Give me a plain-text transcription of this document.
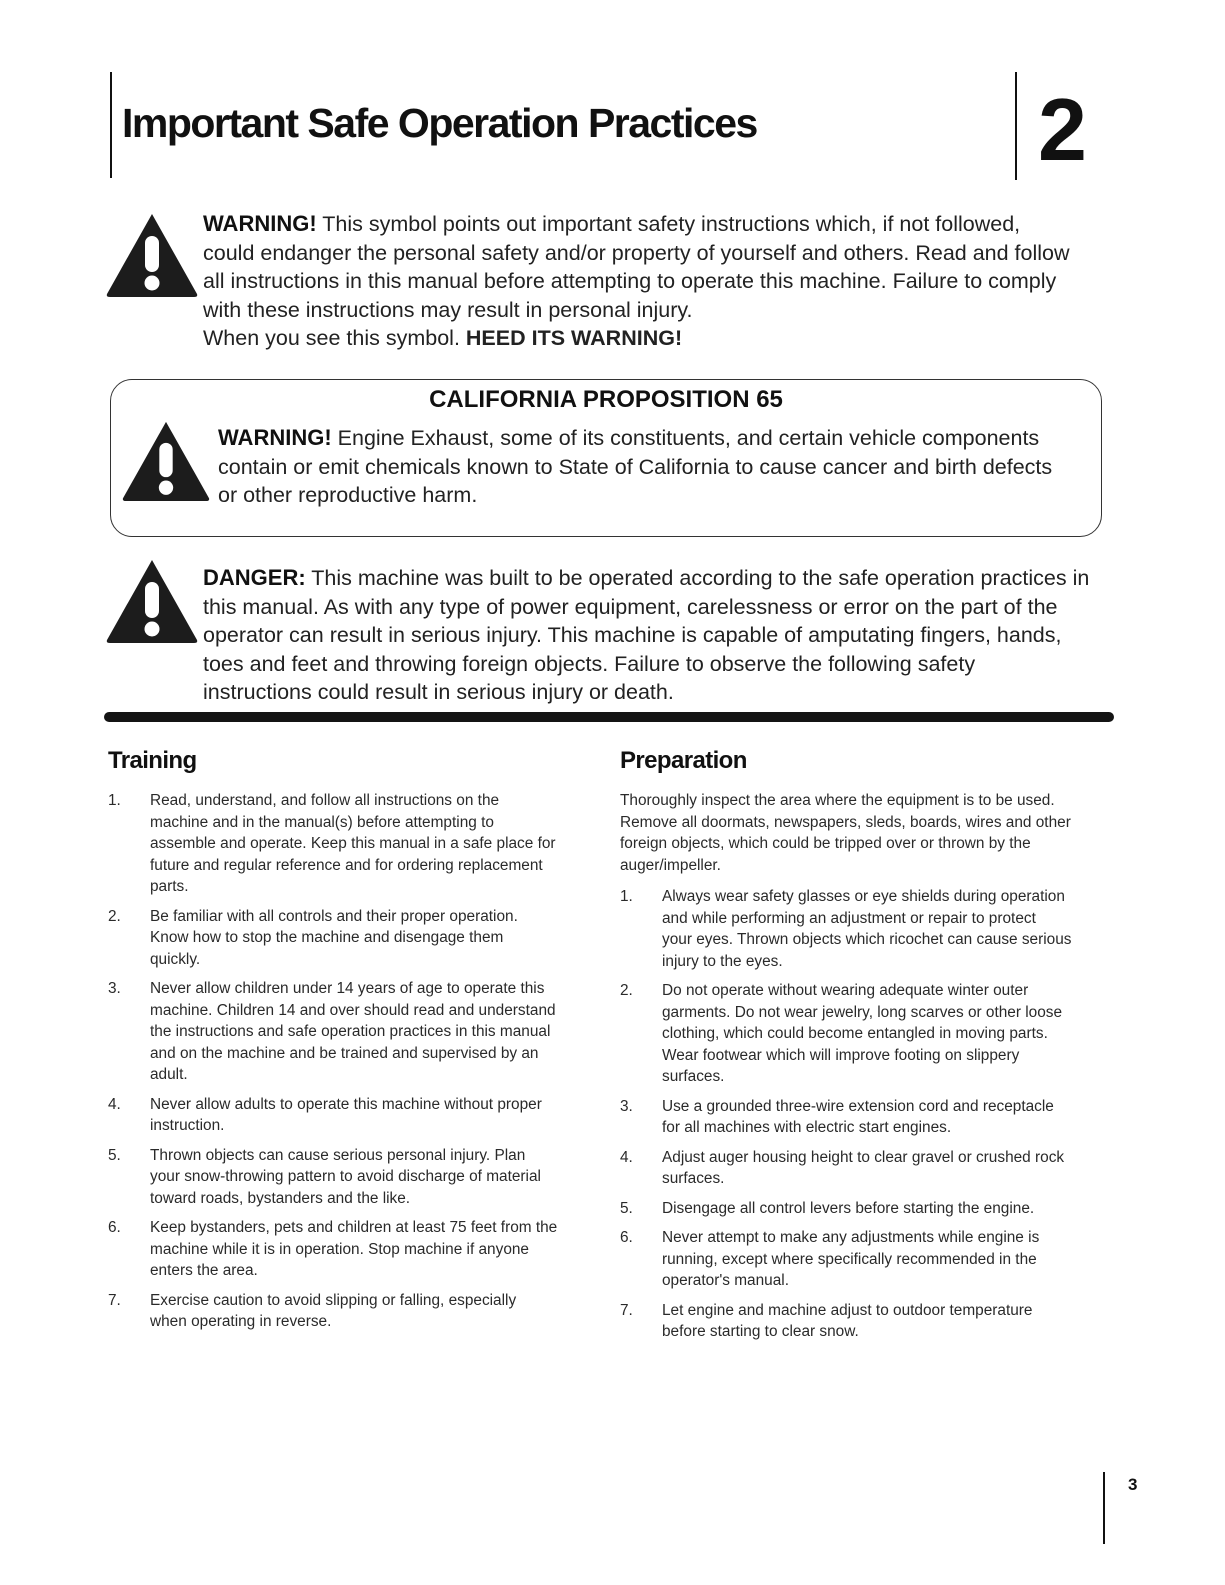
Important Safe Operation Practices	2

WARNING! This symbol points out important safety instructions which, if not followed,

could endanger the personal safety and/or property of yourself and others. Read and follow

all instructions in this manual before attempting to operate this machine. Failure to comply

with these instructions may result in personal injury.

When you see this symbol. HEED ITS WARNING!

CALIFORNIA PROPOSITION 65

WARNING! Engine Exhaust, some of its constituents, and certain vehicle components

contain or emit chemicals known to State of California to cause cancer and birth defects

or other reproductive harm.

DANGER: This machine was built to be operated according to the safe operation practices in

this manual. As with any type of power equipment, carelessness or error on the part of the

operator can result in serious injury. This machine is capable of amputating fingers, hands,

toes and feet and throwing foreign objects. Failure to observe the following safety

instructions could result in serious injury or death.

Training
1. Read, understand, and follow all instructions on the
machine and in the manual(s) before attempting to
assemble and operate. Keep this manual in a safe place for
future and regular reference and for ordering replacement
parts.
2. Be familiar with all controls and their proper operation.
Know how to stop the machine and disengage them
quickly.
3. Never allow children under 14 years of age to operate this
machine. Children 14 and over should read and understand
the instructions and safe operation practices in this manual
and on the machine and be trained and supervised by an
adult.
4. Never allow adults to operate this machine without proper
instruction.
5. Thrown objects can cause serious personal injury. Plan
your snow-throwing pattern to avoid discharge of material
toward roads, bystanders and the like.
6. Keep bystanders, pets and children at least 75 feet from the
machine while it is in operation. Stop machine if anyone
enters the area.
7. Exercise caution to avoid slipping or falling, especially
when operating in reverse.
Preparation

Thoroughly inspect the area where the equipment is to be used.
Remove all doormats, newspapers, sleds, boards, wires and other
foreign objects, which could be tripped over or thrown by the
auger/impeller.

1. Always wear safety glasses or eye shields during operation
and while performing an adjustment or repair to protect
your eyes. Thrown objects which ricochet can cause serious
injury to the eyes.
2. Do not operate without wearing adequate winter outer
garments. Do not wear jewelry, long scarves or other loose
clothing, which could become entangled in moving parts.
Wear footwear which will improve footing on slippery
surfaces.
3. Use a grounded three-wire extension cord and receptacle
for all machines with electric start engines.
4. Adjust auger housing height to clear gravel or crushed rock
surfaces.
5. Disengage all control levers before starting the engine.
6. Never attempt to make any adjustments while engine is
running, except where specifically recommended in the
operator's manual.
7. Let engine and machine adjust to outdoor temperature
before starting to clear snow.
3
